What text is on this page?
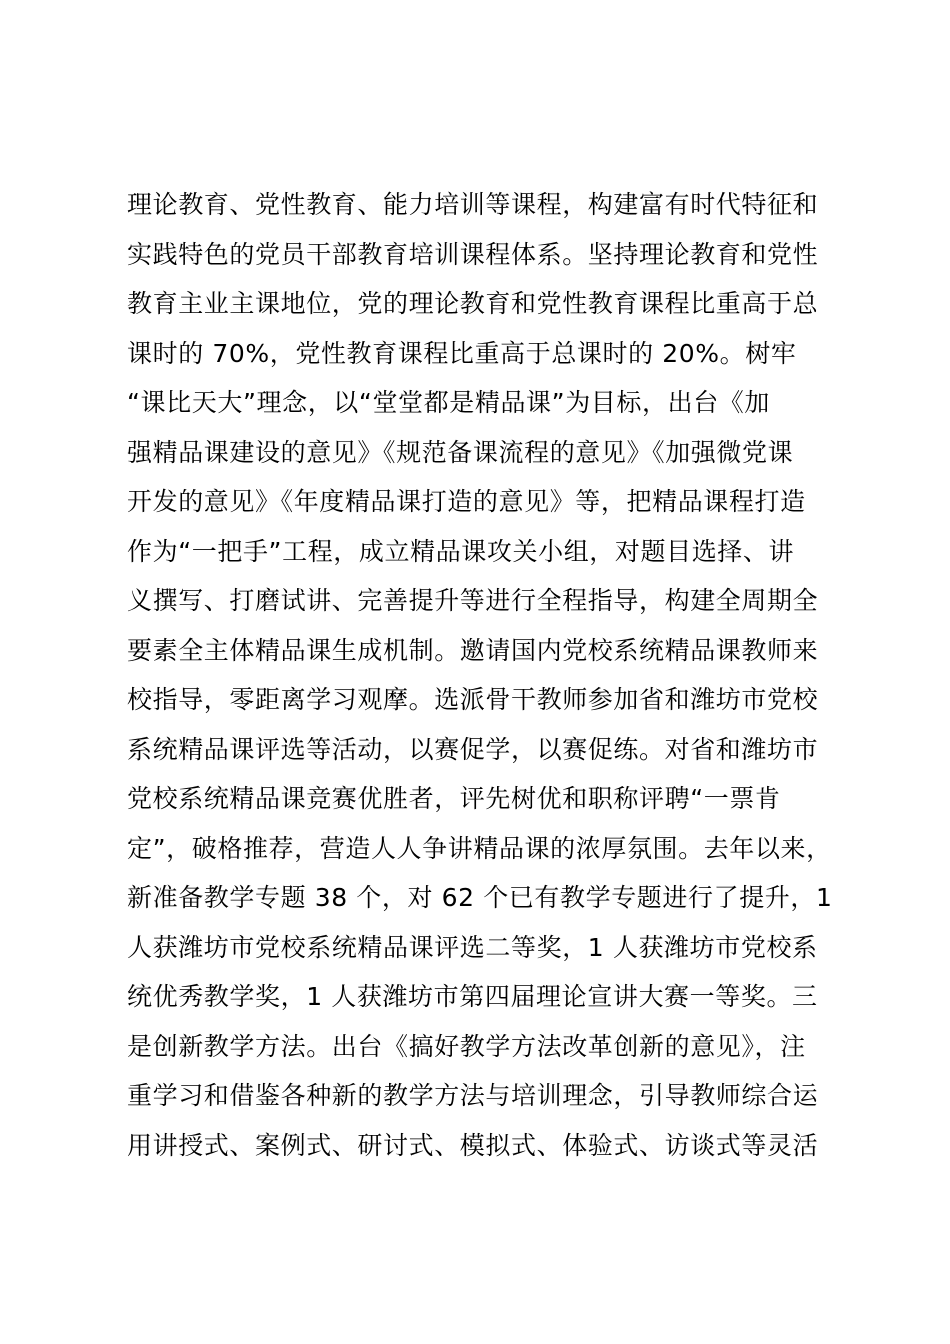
理论教育、党性教育、能力培训等课程，构建富有时代特征和
实践特色的党员干部教育培训课程体系。坚持理论教育和党性
教育主业主课地位，党的理论教育和党性教育课程比重高于总
课时的 70%，党性教育课程比重高于总课时的 20%。树牢
“课比天大”理念，以“堂堂都是精品课”为目标，出台《加
强精品课建设的意见》《规范备课流程的意见》《加强微党课
开发的意见》《年度精品课打造的意见》等，把精品课程打造
作为“一把手”工程，成立精品课攻关小组，对题目选择、讲
义撰写、打磨试讲、完善提升等进行全程指导，构建全周期全
要素全主体精品课生成机制。邀请国内党校系统精品课教师来
校指导，零距离学习观摩。选派骨干教师参加省和潍坊市党校
系统精品课评选等活动，以赛促学，以赛促练。对省和潍坊市
党校系统精品课竞赛优胜者，评先树优和职称评聘“一票肯
定”，破格推荐，营造人人争讲精品课的浓厚氛围。去年以来，
新准备教学专题 38 个，对 62 个已有教学专题进行了提升，1
人获潍坊市党校系统精品课评选二等奖，1 人获潍坊市党校系
统优秀教学奖，1 人获潍坊市第四届理论宣讲大赛一等奖。三
是创新教学方法。出台《搞好教学方法改革创新的意见》，注
重学习和借鉴各种新的教学方法与培训理念，引导教师综合运
用讲授式、案例式、研讨式、模拟式、体验式、访谈式等灵活
